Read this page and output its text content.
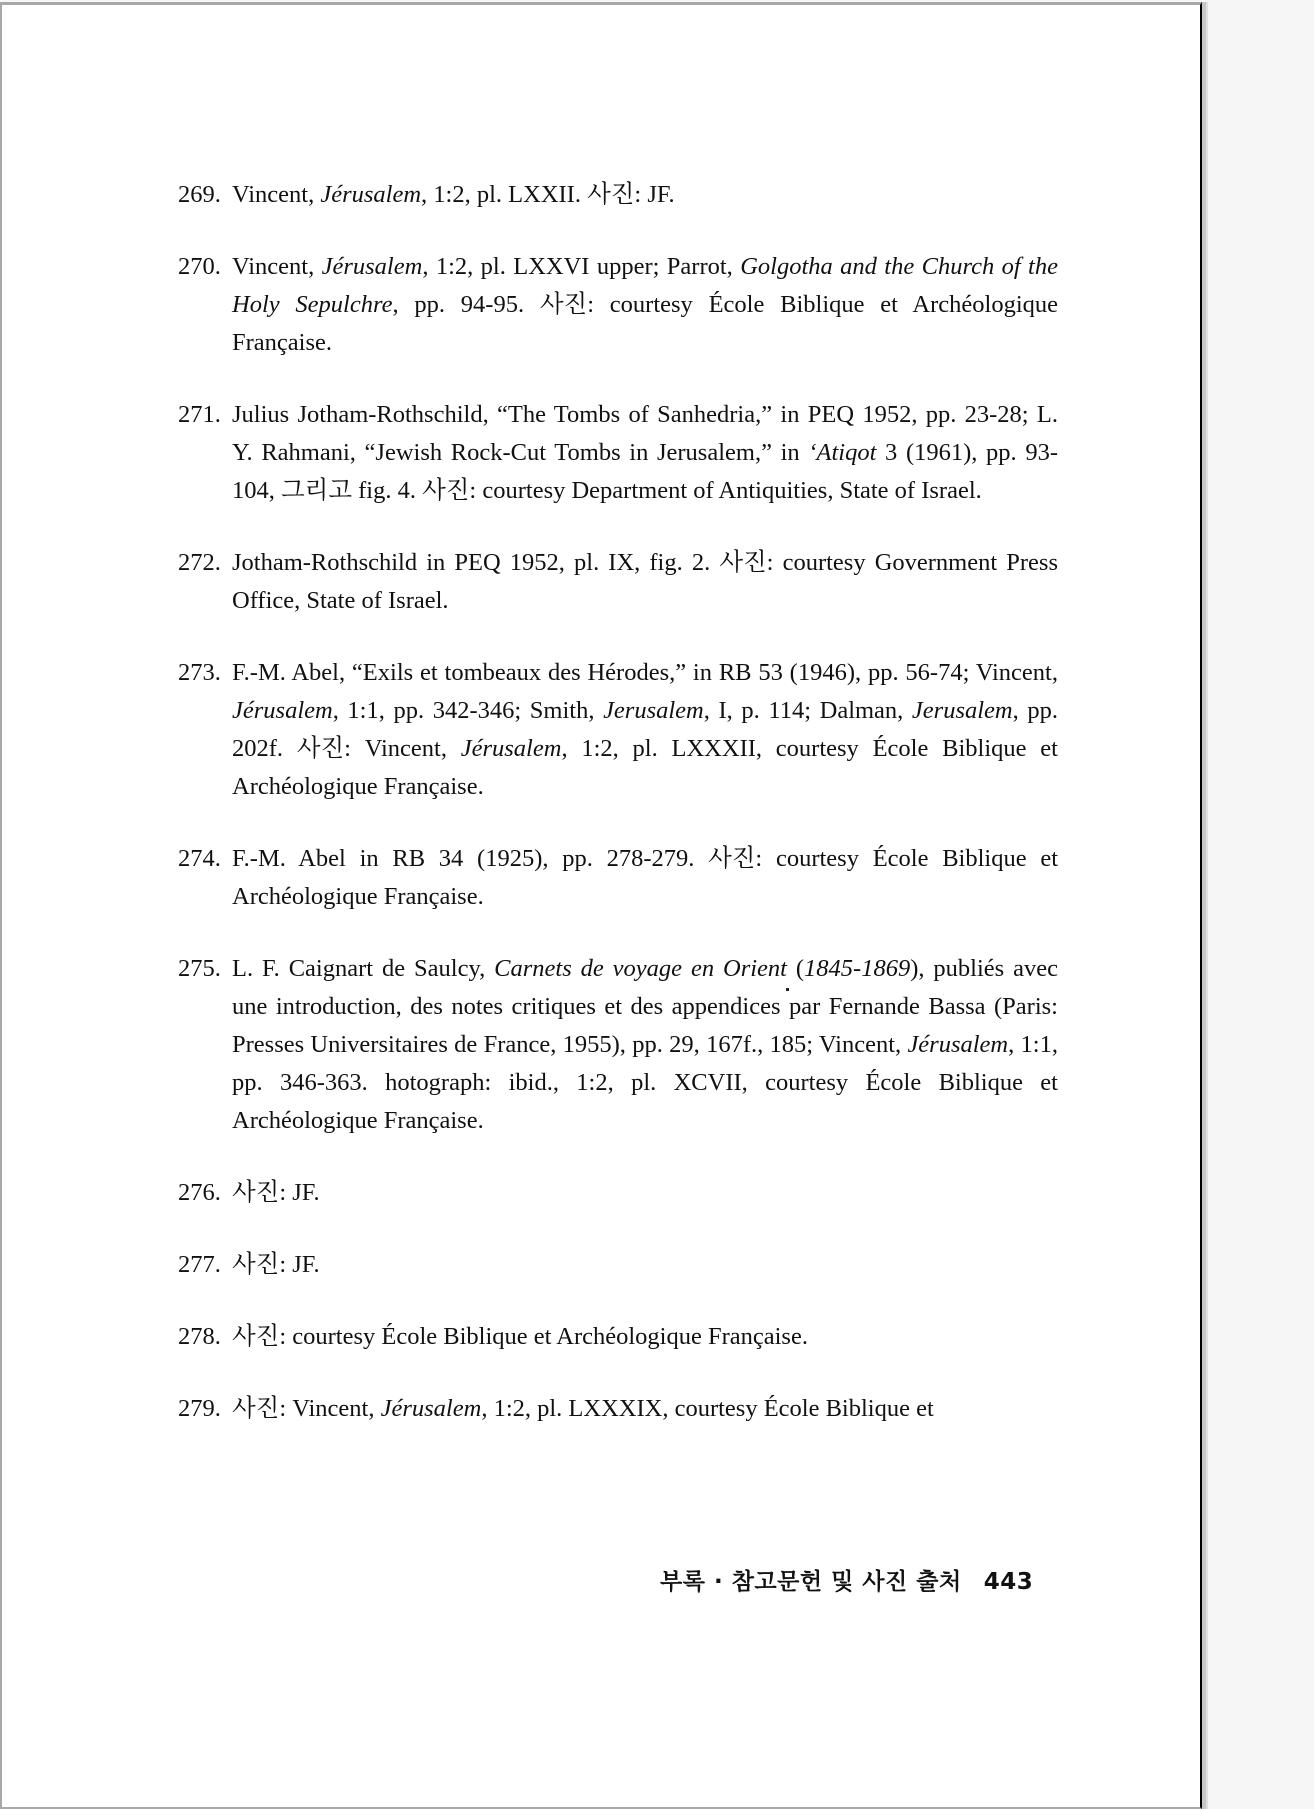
269. Vincent, Jérusalem, 1:2, pl. LXXII. 사진: JF.
270. Vincent, Jérusalem, 1:2, pl. LXXVI upper; Parrot, Golgotha and the Church of the Holy Sepulchre, pp. 94-95. 사진: courtesy École Biblique et Archéologique Française.
271. Julius Jotham-Rothschild, “The Tombs of Sanhedria,” in PEQ 1952, pp. 23-28; L. Y. Rahmani, “Jewish Rock-Cut Tombs in Jerusalem,” in ‘Atiqot 3 (1961), pp. 93-104, 그리고 fig. 4. 사진: courtesy Department of Antiquities, State of Israel.
272. Jotham-Rothschild in PEQ 1952, pl. IX, fig. 2. 사진: courtesy Government Press Office, State of Israel.
273. F.-M. Abel, “Exils et tombeaux des Hérodes,” in RB 53 (1946), pp. 56-74; Vincent, Jérusalem, 1:1, pp. 342-346; Smith, Jerusalem, I, p. 114; Dalman, Jerusalem, pp. 202f. 사진: Vincent, Jérusalem, 1:2, pl. LXXXII, courtesy École Biblique et Archéologique Française.
274. F.-M. Abel in RB 34 (1925), pp. 278-279. 사진: courtesy École Biblique et Archéologique Française.
275. L. F. Caignart de Saulcy, Carnets de voyage en Orient (1845-1869), publiés avec une introduction, des notes critiques et des appendices par Fernande Bassa (Paris: Presses Universitaires de France, 1955), pp. 29, 167f., 185; Vincent, Jérusalem, 1:1, pp. 346-363. hotograph: ibid., 1:2, pl. XCVII, courtesy École Biblique et Archéologique Française.
276. 사진: JF.
277. 사진: JF.
278. 사진: courtesy École Biblique et Archéologique Française.
279. 사진: Vincent, Jérusalem, 1:2, pl. LXXXIX, courtesy École Biblique et
부록 · 참고문헌 및 사진 출처 443
